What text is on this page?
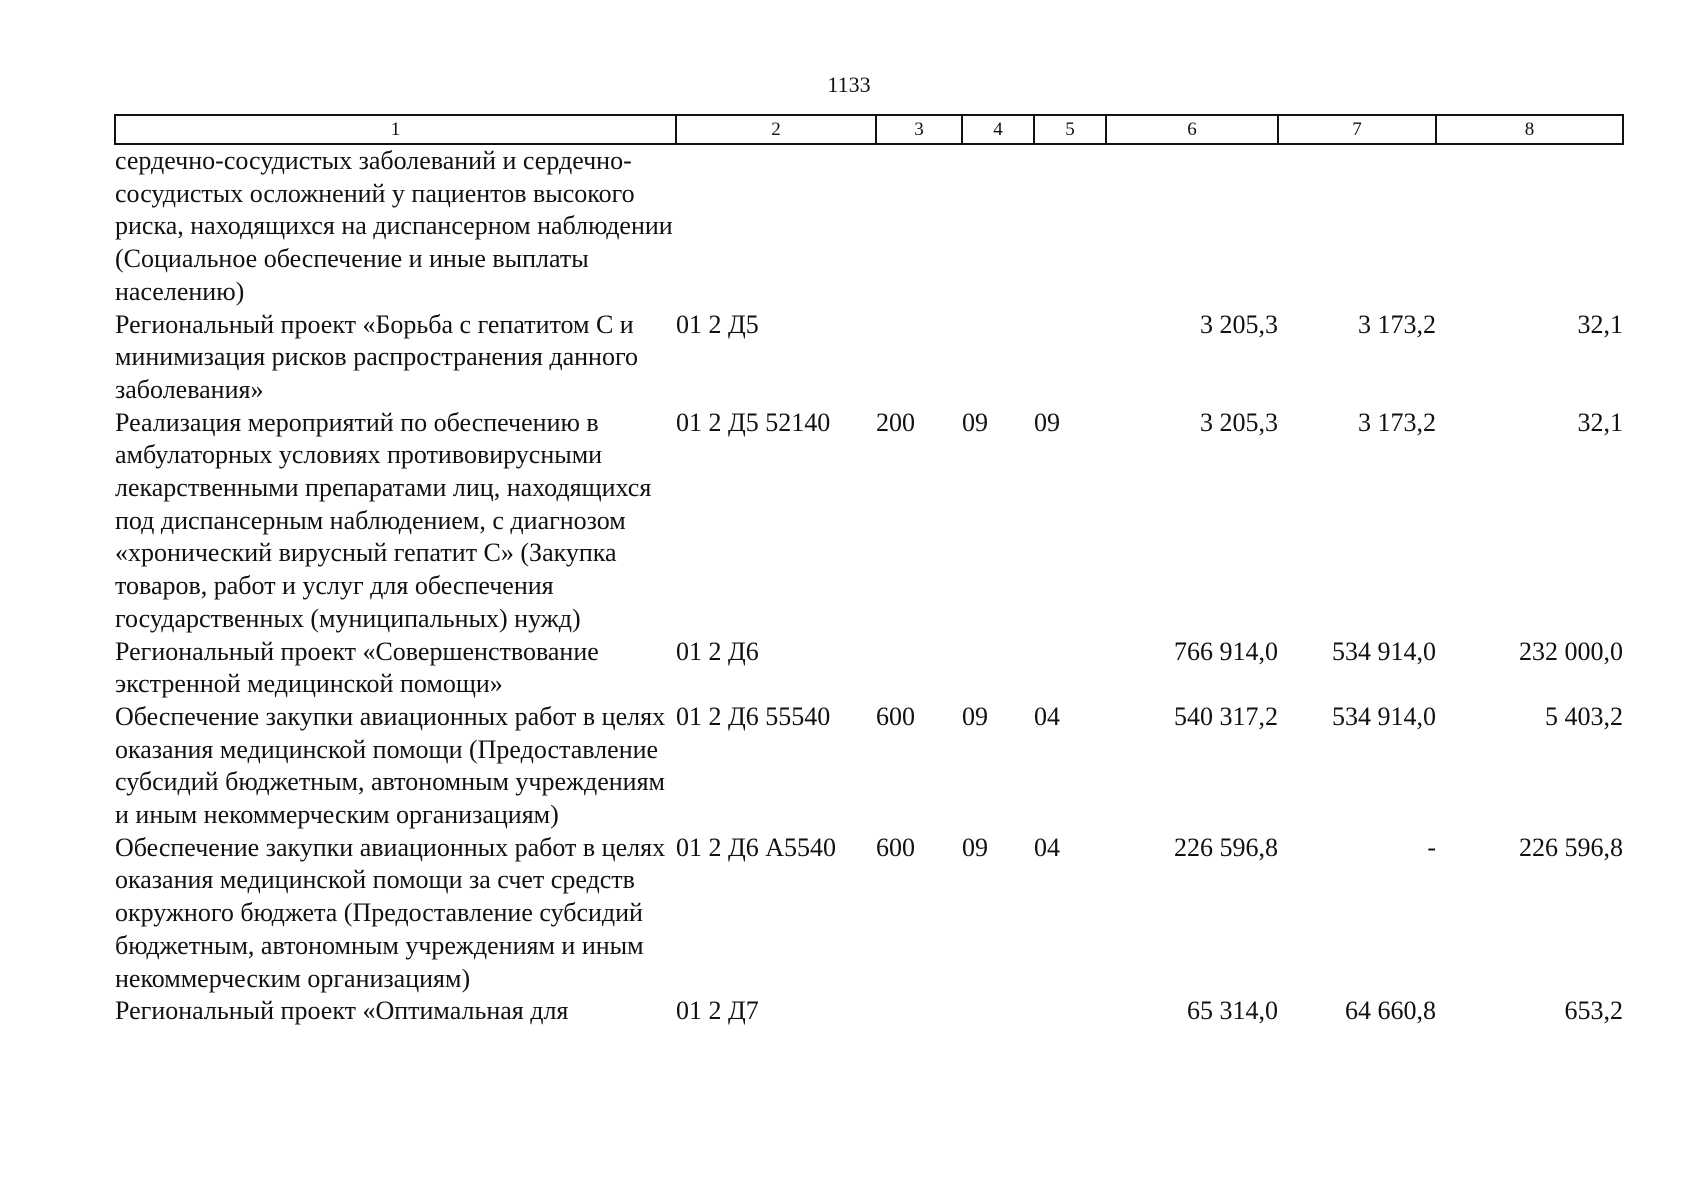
1133
1	2	3	4	5	6	7	8
сердечно-сосудистых заболеваний и сердечно-сосудистых осложнений у пациентов высокого риска, находящихся на диспансерном наблюдении (Социальное обеспечение и иные выплаты населению)							
Региональный проект «Борьба с гепатитом С и минимизация рисков распространения данного заболевания»	01 2 Д5				3 205,3	3 173,2	32,1
Реализация мероприятий по обеспечению в амбулаторных условиях противовирусными лекарственными препаратами лиц, находящихся под диспансерным наблюдением, с диагнозом «хронический вирусный гепатит С» (Закупка товаров, работ и услуг для обеспечения государственных (муниципальных) нужд)	01 2 Д5 52140	200	09	09	3 205,3	3 173,2	32,1
Региональный проект «Совершенствование экстренной медицинской помощи»	01 2 Д6				766 914,0	534 914,0	232 000,0
Обеспечение закупки авиационных работ в целях оказания медицинской помощи (Предоставление субсидий бюджетным, автономным учреждениям и иным некоммерческим организациям)	01 2 Д6 55540	600	09	04	540 317,2	534 914,0	5 403,2
Обеспечение закупки авиационных работ в целях оказания медицинской помощи за счет средств окружного бюджета (Предоставление субсидий бюджетным, автономным учреждениям и иным некоммерческим организациям)	01 2 Д6 А5540	600	09	04	226 596,8	-	226 596,8
Региональный проект «Оптимальная для	01 2 Д7				65 314,0	64 660,8	653,2
